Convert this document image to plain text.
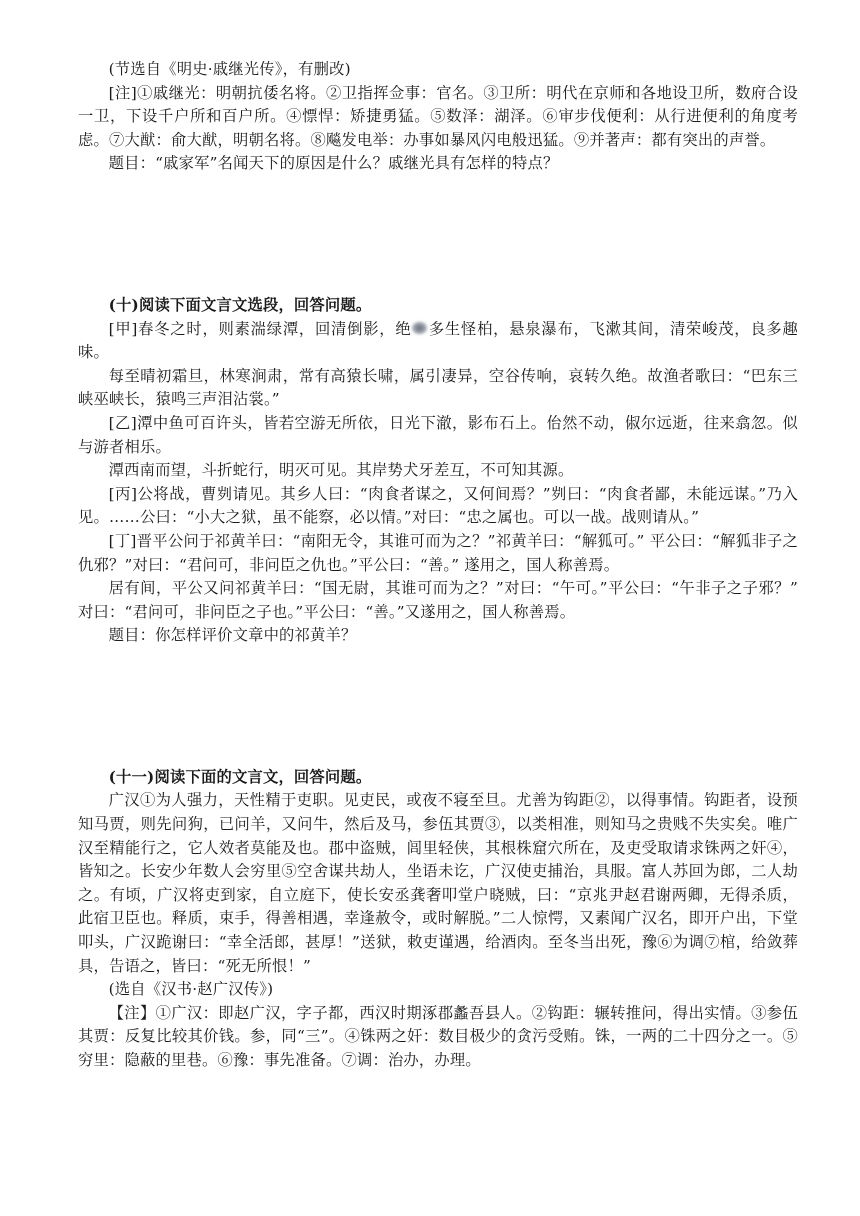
(节选自《明史·戚继光传》，有删改)

[注]①戚继光：明朝抗倭名将。②卫指挥佥事：官名。③卫所：明代在京师和各地设卫所，数府合设一卫，下设千户所和百户所。④慓悍：矫捷勇猛。⑤数泽：湖泽。⑥审步伐便利：从行进便利的角度考虑。⑦大猷：俞大猷，明朝名将。⑧飚发电举：办事如暴风闪电般迅猛。⑨并著声：都有突出的声誉。

题目：“戚家军”名闻天下的原因是什么？戚继光具有怎样的特点？

(十)阅读下面文言文选段，回答问题。

[甲]春冬之时，则素湍绿潭，回清倒影，绝 多生怪柏，悬泉瀑布，飞漱其间，清荣峻茂，良多趣味。

每至晴初霜旦，林寒涧肃，常有高猿长啸，属引凄异，空谷传响，哀转久绝。故渔者歌曰：“巴东三峡巫峡长，猿鸣三声泪沾裳。”

[乙]潭中鱼可百许头，皆若空游无所依，日光下澈，影布石上。佁然不动，俶尔远逝，往来翕忽。似与游者相乐。

潭西南而望，斗折蛇行，明灭可见。其岸势犬牙差互，不可知其源。

[丙]公将战，曹刿请见。其乡人曰：“肉食者谋之，又何间焉？”刿曰：“肉食者鄙，未能远谋。”乃入见。……公曰：“小大之狱，虽不能察，必以情。”对曰：“忠之属也。可以一战。战则请从。”

[丁]晋平公问于祁黄羊曰：“南阳无令，其谁可而为之？”祁黄羊曰：“解狐可。” 平公曰：“解狐非子之仇邪？”对曰：“君问可，非问臣之仇也。”平公曰：“善。” 遂用之，国人称善焉。

居有间，平公又问祁黄羊曰：“国无尉，其谁可而为之？”对曰：“午可。”平公曰：“午非子之子邪？” 对曰：“君问可，非问臣之子也。”平公曰：“善。”又遂用之，国人称善焉。

题目：你怎样评价文章中的祁黄羊？

(十一)阅读下面的文言文，回答问题。

广汉①为人强力，天性精于吏职。见吏民，或夜不寝至旦。尤善为钩距②，以得事情。钩距者，设预知马贾，则先问狗，已问羊，又问牛，然后及马，参伍其贾③，以类相准，则知马之贵贱不失实矣。唯广汉至精能行之，它人效者莫能及也。郡中盗贼，闾里轻侠，其根株窟穴所在，及吏受取请求铢两之奸④，皆知之。长安少年数人会穷里⑤空舍谋共劫人，坐语未讫，广汉使吏捕治，具服。富人苏回为郎，二人劫之。有顷，广汉将吏到家，自立庭下，使长安丞龚奢叩堂户晓贼，曰：“京兆尹赵君谢两卿，无得杀质，此宿卫臣也。释质，束手，得善相遇，幸逢赦令，或时解脱。”二人惊愕，又素闻广汉名，即开户出，下堂叩头，广汉跪谢曰：“幸全活郎，甚厚！”送狱，敕吏谨遇，给酒肉。至冬当出死，豫⑥为调⑦棺，给敛葬具，告语之，皆曰：“死无所恨！”

(选自《汉书·赵广汉传》)

【注】①广汉：即赵广汉，字子都，西汉时期涿郡蠡吾县人。②钩距：辗转推问，得出实情。③参伍其贾：反复比较其价钱。参，同“三”。④铢两之奸：数目极少的贪污受贿。铢，一两的二十四分之一。⑤穷里：隐蔽的里巷。⑥豫：事先准备。⑦调：治办，办理。
